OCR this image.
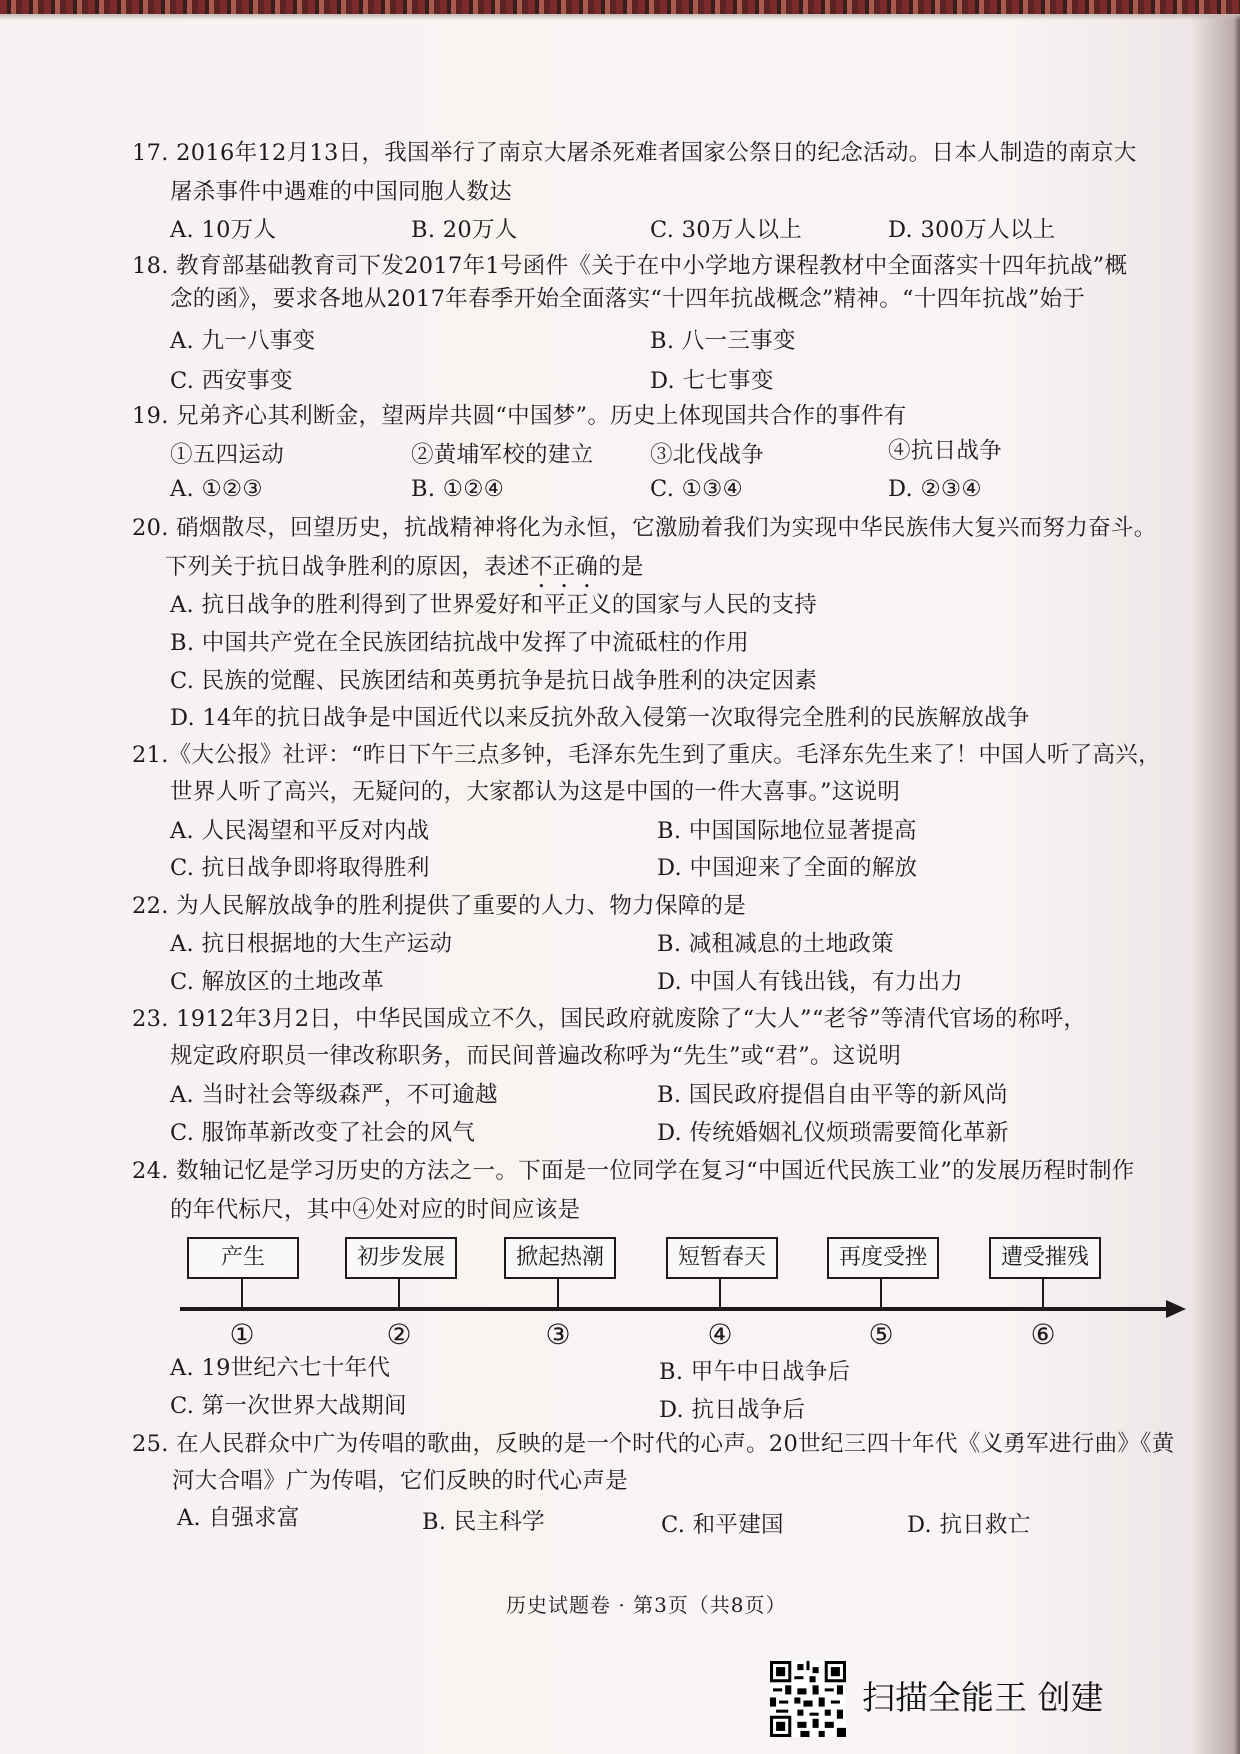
17. 2016年12月13日，我国举行了南京大屠杀死难者国家公祭日的纪念活动。日本人制造的南京大
屠杀事件中遇难的中国同胞人数达
A. 10万人	B. 20万人	C. 30万人以上	D. 300万人以上
18. 教育部基础教育司下发2017年1号函件《关于在中小学地方课程教材中全面落实十四年抗战”概
念的函》，要求各地从2017年春季开始全面落实“十四年抗战概念”精神。“十四年抗战”始于
A. 九一八事变	B. 八一三事变
C. 西安事变	D. 七七事变
19. 兄弟齐心其利断金，望两岸共圆“中国梦”。历史上体现国共合作的事件有
①五四运动	②黄埔军校的建立	③北伐战争	④抗日战争
A. ①②③	B. ①②④	C. ①③④	D. ②③④
20. 硝烟散尽，回望历史，抗战精神将化为永恒，它激励着我们为实现中华民族伟大复兴而努力奋斗。
下列关于抗日战争胜利的原因，表述不正确的是
A. 抗日战争的胜利得到了世界爱好和平正义的国家与人民的支持
B. 中国共产党在全民族团结抗战中发挥了中流砥柱的作用
C. 民族的觉醒、民族团结和英勇抗争是抗日战争胜利的决定因素
D. 14年的抗日战争是中国近代以来反抗外敌入侵第一次取得完全胜利的民族解放战争
21.《大公报》社评：“昨日下午三点多钟，毛泽东先生到了重庆。毛泽东先生来了！中国人听了高兴，
世界人听了高兴，无疑问的，大家都认为这是中国的一件大喜事。”这说明
A. 人民渴望和平反对内战	B. 中国国际地位显著提高
C. 抗日战争即将取得胜利	D. 中国迎来了全面的解放
22. 为人民解放战争的胜利提供了重要的人力、物力保障的是
A. 抗日根据地的大生产运动	B. 减租减息的土地政策
C. 解放区的土地改革	D. 中国人有钱出钱，有力出力
23. 1912年3月2日，中华民国成立不久，国民政府就废除了“大人”“老爷”等清代官场的称呼，
规定政府职员一律改称职务，而民间普遍改称呼为“先生”或“君”。这说明
A. 当时社会等级森严，不可逾越	B. 国民政府提倡自由平等的新风尚
C. 服饰革新改变了社会的风气	D. 传统婚姻礼仪烦琐需要简化革新
24. 数轴记忆是学习历史的方法之一。下面是一位同学在复习“中国近代民族工业”的发展历程时制作
的年代标尺，其中④处对应的时间应该是
产生	初步发展	掀起热潮	短暂春天	再度受挫	遭受摧残
①	②	③	④	⑤	⑥
A. 19世纪六七十年代	B. 甲午中日战争后
C. 第一次世界大战期间	D. 抗日战争后
25. 在人民群众中广为传唱的歌曲，反映的是一个时代的心声。20世纪三四十年代《义勇军进行曲》《黄
河大合唱》广为传唱，它们反映的时代心声是
A. 自强求富	B. 民主科学	C. 和平建国	D. 抗日救亡
历史试题卷 · 第3页（共8页）
扫描全能王 创建
